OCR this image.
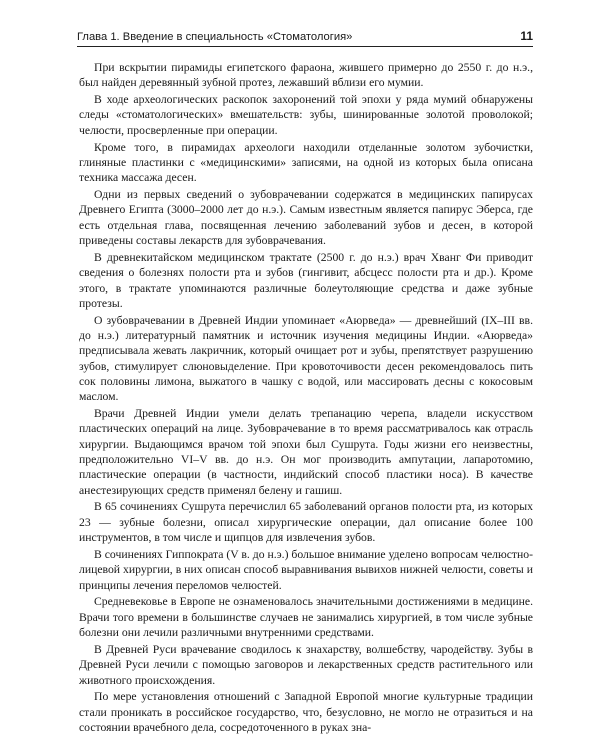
Глава 1. Введение в специальность «Стоматология»	11

При вскрытии пирамиды египетского фараона, жившего примерно до 2550 г. до н.э., был найден деревянный зубной протез, лежавший вблизи его мумии.

В ходе археологических раскопок захоронений той эпохи у ряда мумий обнаружены следы «стоматологических» вмешательств: зубы, шинированные золотой проволокой; челюсти, просверленные при операции.

Кроме того, в пирамидах археологи находили отделанные золотом зубочистки, глиняные пластинки с «медицинскими» записями, на одной из которых была описана техника массажа десен.

Одни из первых сведений о зубоврачевании содержатся в медицинских папирусах Древнего Египта (3000–2000 лет до н.э.). Самым известным является папирус Эберса, где есть отдельная глава, посвященная лечению заболеваний зубов и десен, в которой приведены составы лекарств для зубоврачевания.

В древнекитайском медицинском трактате (2500 г. до н.э.) врач Хванг Фи приводит сведения о болезнях полости рта и зубов (гингивит, абсцесс полости рта и др.). Кроме этого, в трактате упоминаются различные болеутоляющие средства и даже зубные протезы.

О зубоврачевании в Древней Индии упоминает «Аюрведа» — древнейший (IX–III вв. до н.э.) литературный памятник и источник изучения медицины Индии. «Аюрведа» предписывала жевать лакричник, который очищает рот и зубы, препятствует разрушению зубов, стимулирует слюновыделение. При кровоточивости десен рекомендовалось пить сок половины лимона, выжатого в чашку с водой, или массировать десны с кокосовым маслом.

Врачи Древней Индии умели делать трепанацию черепа, владели искусством пластических операций на лице. Зубоврачевание в то время рассматривалось как отрасль хирургии. Выдающимся врачом той эпохи был Сушрута. Годы жизни его неизвестны, предположительно VI–V вв. до н.э. Он мог производить ампутации, лапаротомию, пластические операции (в частности, индийский способ пластики носа). В качестве анестезирующих средств применял белену и гашиш.

В 65 сочинениях Сушрута перечислил 65 заболеваний органов полости рта, из которых 23 — зубные болезни, описал хирургические операции, дал описание более 100 инструментов, в том числе и щипцов для извлечения зубов.

В сочинениях Гиппократа (V в. до н.э.) большое внимание уделено вопросам челюстно-лицевой хирургии, в них описан способ выравнивания вывихов нижней челюсти, советы и принципы лечения переломов челюстей.

Средневековье в Европе не ознаменовалось значительными достижениями в медицине. Врачи того времени в большинстве случаев не занимались хирургией, в том числе зубные болезни они лечили различными внутренними средствами.

В Древней Руси врачевание сводилось к знахарству, волшебству, чародейству. Зубы в Древней Руси лечили с помощью заговоров и лекарственных средств растительного или животного происхождения.

По мере установления отношений с Западной Европой многие культурные традиции стали проникать в российское государство, что, безусловно, не могло не отразиться и на состоянии врачебного дела, сосредоточенного в руках зна-
